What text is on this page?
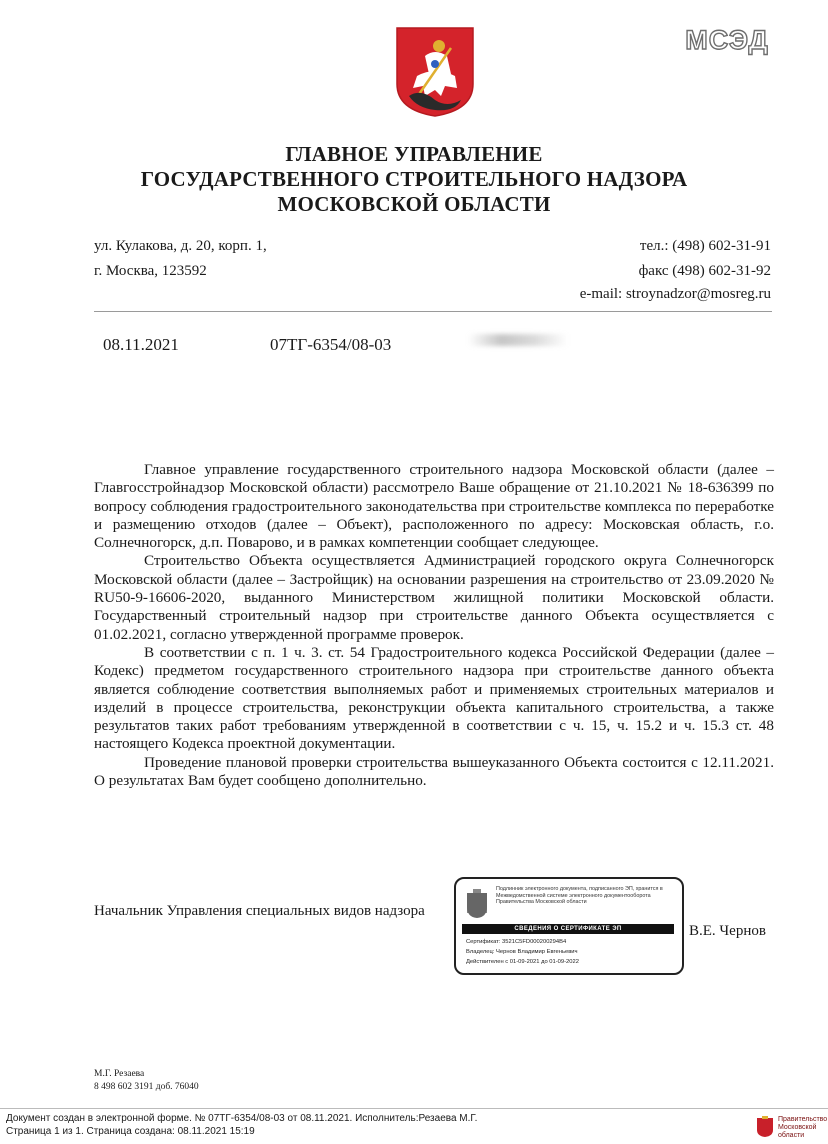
МСЭД
ГЛАВНОЕ УПРАВЛЕНИЕ
ГОСУДАРСТВЕННОГО СТРОИТЕЛЬНОГО НАДЗОРА
МОСКОВСКОЙ ОБЛАСТИ
ул. Кулакова, д. 20, корп. 1,
г. Москва, 123592
тел.: (498) 602-31-91
факс (498) 602-31-92
e-mail: stroynadzor@mosreg.ru
08.11.2021	07ТГ-6354/08-03

Главное управление государственного строительного надзора Московской области (далее – Главгосстройнадзор Московской области) рассмотрело Ваше обращение от 21.10.2021 № 18-636399 по вопросу соблюдения градостроительного законодательства при строительстве комплекса по переработке и размещению отходов (далее – Объект), расположенного по адресу: Московская область, г.о. Солнечногорск, д.п. Поварово, и в рамках компетенции сообщает следующее.

Строительство Объекта осуществляется Администрацией городского округа Солнечногорск Московской области (далее – Застройщик) на основании разрешения на строительство от 23.09.2020 № RU50-9-16606-2020, выданного Министерством жилищной политики Московской области. Государственный строительный надзор при строительстве данного Объекта осуществляется с 01.02.2021, согласно утвержденной программе проверок.

В соответствии с п. 1 ч. 3. ст. 54 Градостроительного кодекса Российской Федерации (далее – Кодекс) предметом государственного строительного надзора при строительстве данного объекта является соблюдение соответствия выполняемых работ и применяемых строительных материалов и изделий в процессе строительства, реконструкции объекта капитального строительства, а также результатов таких работ требованиям утвержденной в соответствии с ч. 15, ч. 15.2 и ч. 15.3 ст. 48 настоящего Кодекса проектной документации.

Проведение плановой проверки строительства вышеуказанного Объекта состоится с 12.11.2021. О результатах Вам будет сообщено дополнительно.

Начальник Управления специальных видов надзора
В.Е. Чернов
Подлинник электронного документа, подписанного ЭП, хранится в Межведомственной системе электронного документооборота Правительства Московской области
СВЕДЕНИЯ О СЕРТИФИКАТЕ ЭП
Сертификат: 3521C5FD000200294B4
Владелец: Чернов Владимир Евгеньевич
Действителен с 01-09-2021 до 01-09-2022
М.Г. Резаева
8 498 602 3191 доб. 76040
Документ создан в электронной форме. № 07ТГ-6354/08-03 от 08.11.2021. Исполнитель:Резаева М.Г.
Страница 1 из 1. Страница создана: 08.11.2021 15:19
Правительство Московской области
